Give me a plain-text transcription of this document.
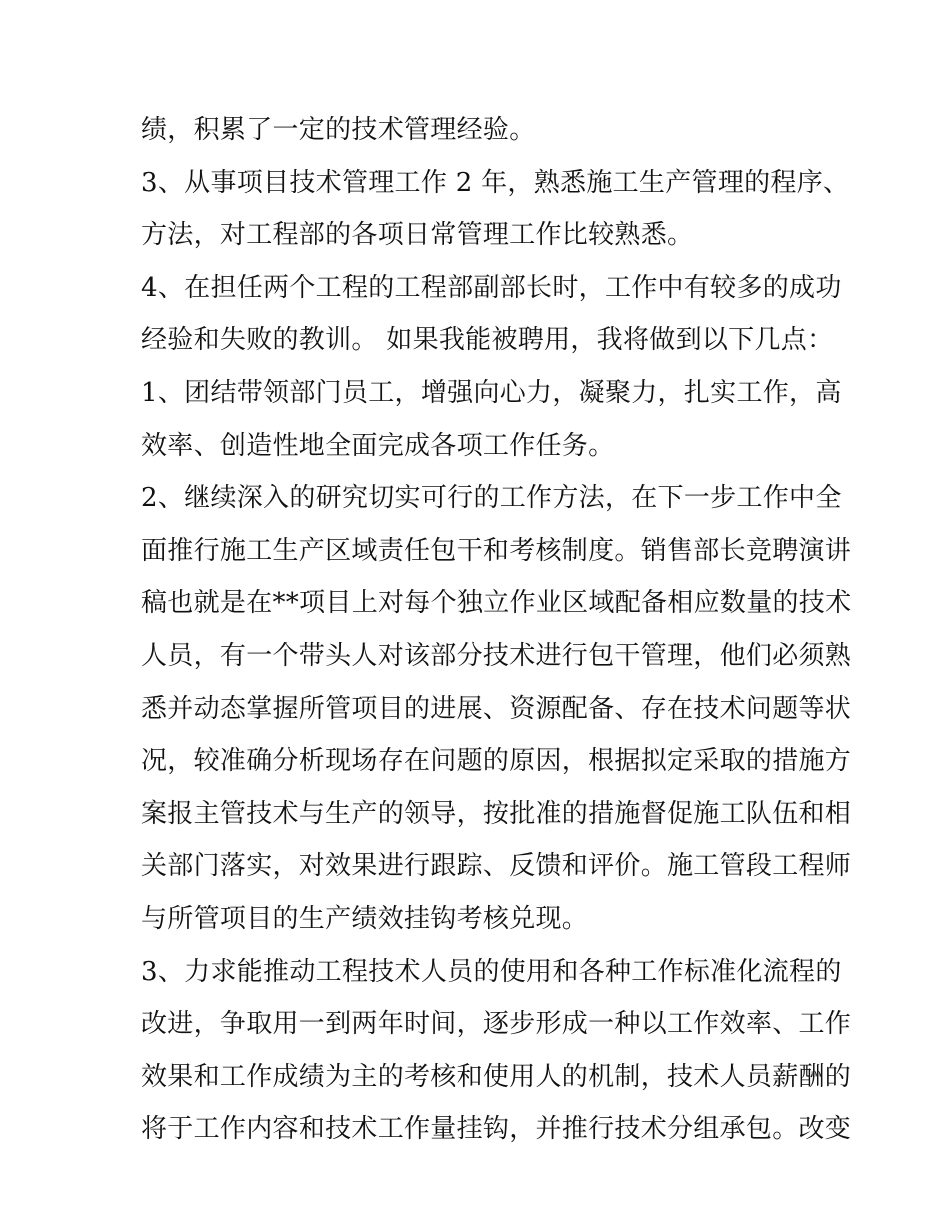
绩，积累了一定的技术管理经验。
3、从事项目技术管理工作 2 年，熟悉施工生产管理的程序、
方法，对工程部的各项日常管理工作比较熟悉。
4、在担任两个工程的工程部副部长时，工作中有较多的成功
经验和失败的教训。 如果我能被聘用，我将做到以下几点：
1、团结带领部门员工，增强向心力，凝聚力，扎实工作，高
效率、创造性地全面完成各项工作任务。
2、继续深入的研究切实可行的工作方法，在下一步工作中全
面推行施工生产区域责任包干和考核制度。销售部长竞聘演讲
稿也就是在**项目上对每个独立作业区域配备相应数量的技术
人员，有一个带头人对该部分技术进行包干管理，他们必须熟
悉并动态掌握所管项目的进展、资源配备、存在技术问题等状
况，较准确分析现场存在问题的原因，根据拟定采取的措施方
案报主管技术与生产的领导，按批准的措施督促施工队伍和相
关部门落实，对效果进行跟踪、反馈和评价。施工管段工程师
与所管项目的生产绩效挂钩考核兑现。
3、力求能推动工程技术人员的使用和各种工作标准化流程的
改进，争取用一到两年时间，逐步形成一种以工作效率、工作
效果和工作成绩为主的考核和使用人的机制，技术人员薪酬的
将于工作内容和技术工作量挂钩，并推行技术分组承包。改变
